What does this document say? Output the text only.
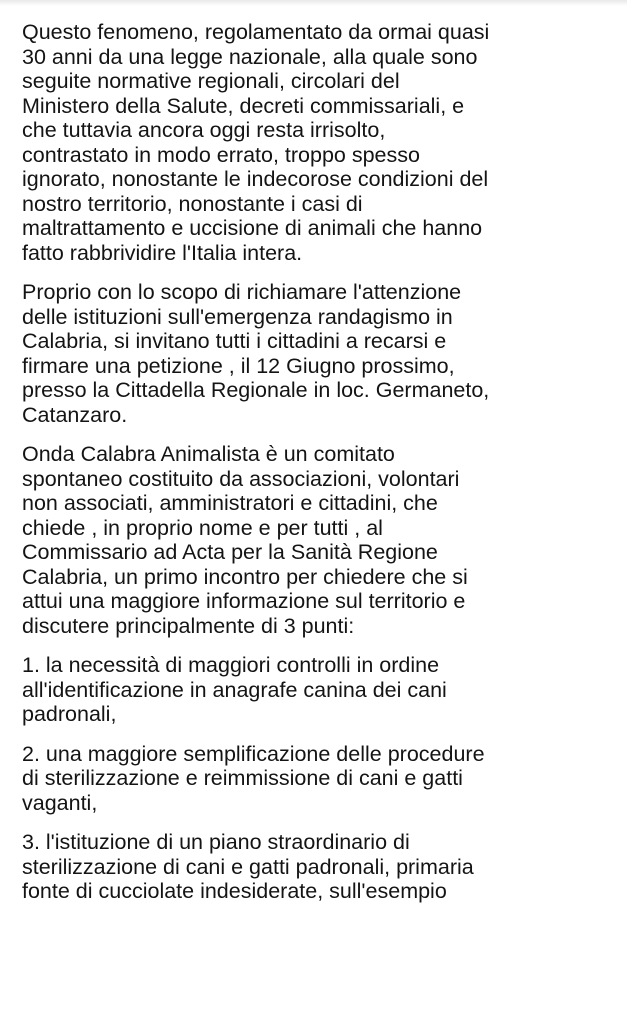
Questo fenomeno, regolamentato da ormai quasi
30 anni da una legge nazionale, alla quale sono
seguite normative regionali, circolari del
Ministero della Salute, decreti commissariali, e
che tuttavia ancora oggi resta irrisolto,
contrastato in modo errato, troppo spesso
ignorato, nonostante le indecorose condizioni del
nostro territorio, nonostante i casi di
maltrattamento e uccisione di animali che hanno
fatto rabbrividire l'Italia intera.

Proprio con lo scopo di richiamare l'attenzione
delle istituzioni sull'emergenza randagismo in
Calabria, si invitano tutti i cittadini a recarsi e
firmare una petizione , il 12 Giugno prossimo,
presso la Cittadella Regionale in loc. Germaneto,
Catanzaro.

Onda Calabra Animalista è un comitato
spontaneo costituito da associazioni, volontari
non associati, amministratori e cittadini, che
chiede , in proprio nome e per tutti , al
Commissario ad Acta per la Sanità Regione
Calabria, un primo incontro per chiedere che si
attui una maggiore informazione sul territorio e
discutere principalmente di 3 punti:

1. la necessità di maggiori controlli in ordine
all'identificazione in anagrafe canina dei cani
padronali,

2. una maggiore semplificazione delle procedure
di sterilizzazione e reimmissione di cani e gatti
vaganti,

3. l'istituzione di un piano straordinario di
sterilizzazione di cani e gatti padronali, primaria
fonte di cucciolate indesiderate, sull'esempio
